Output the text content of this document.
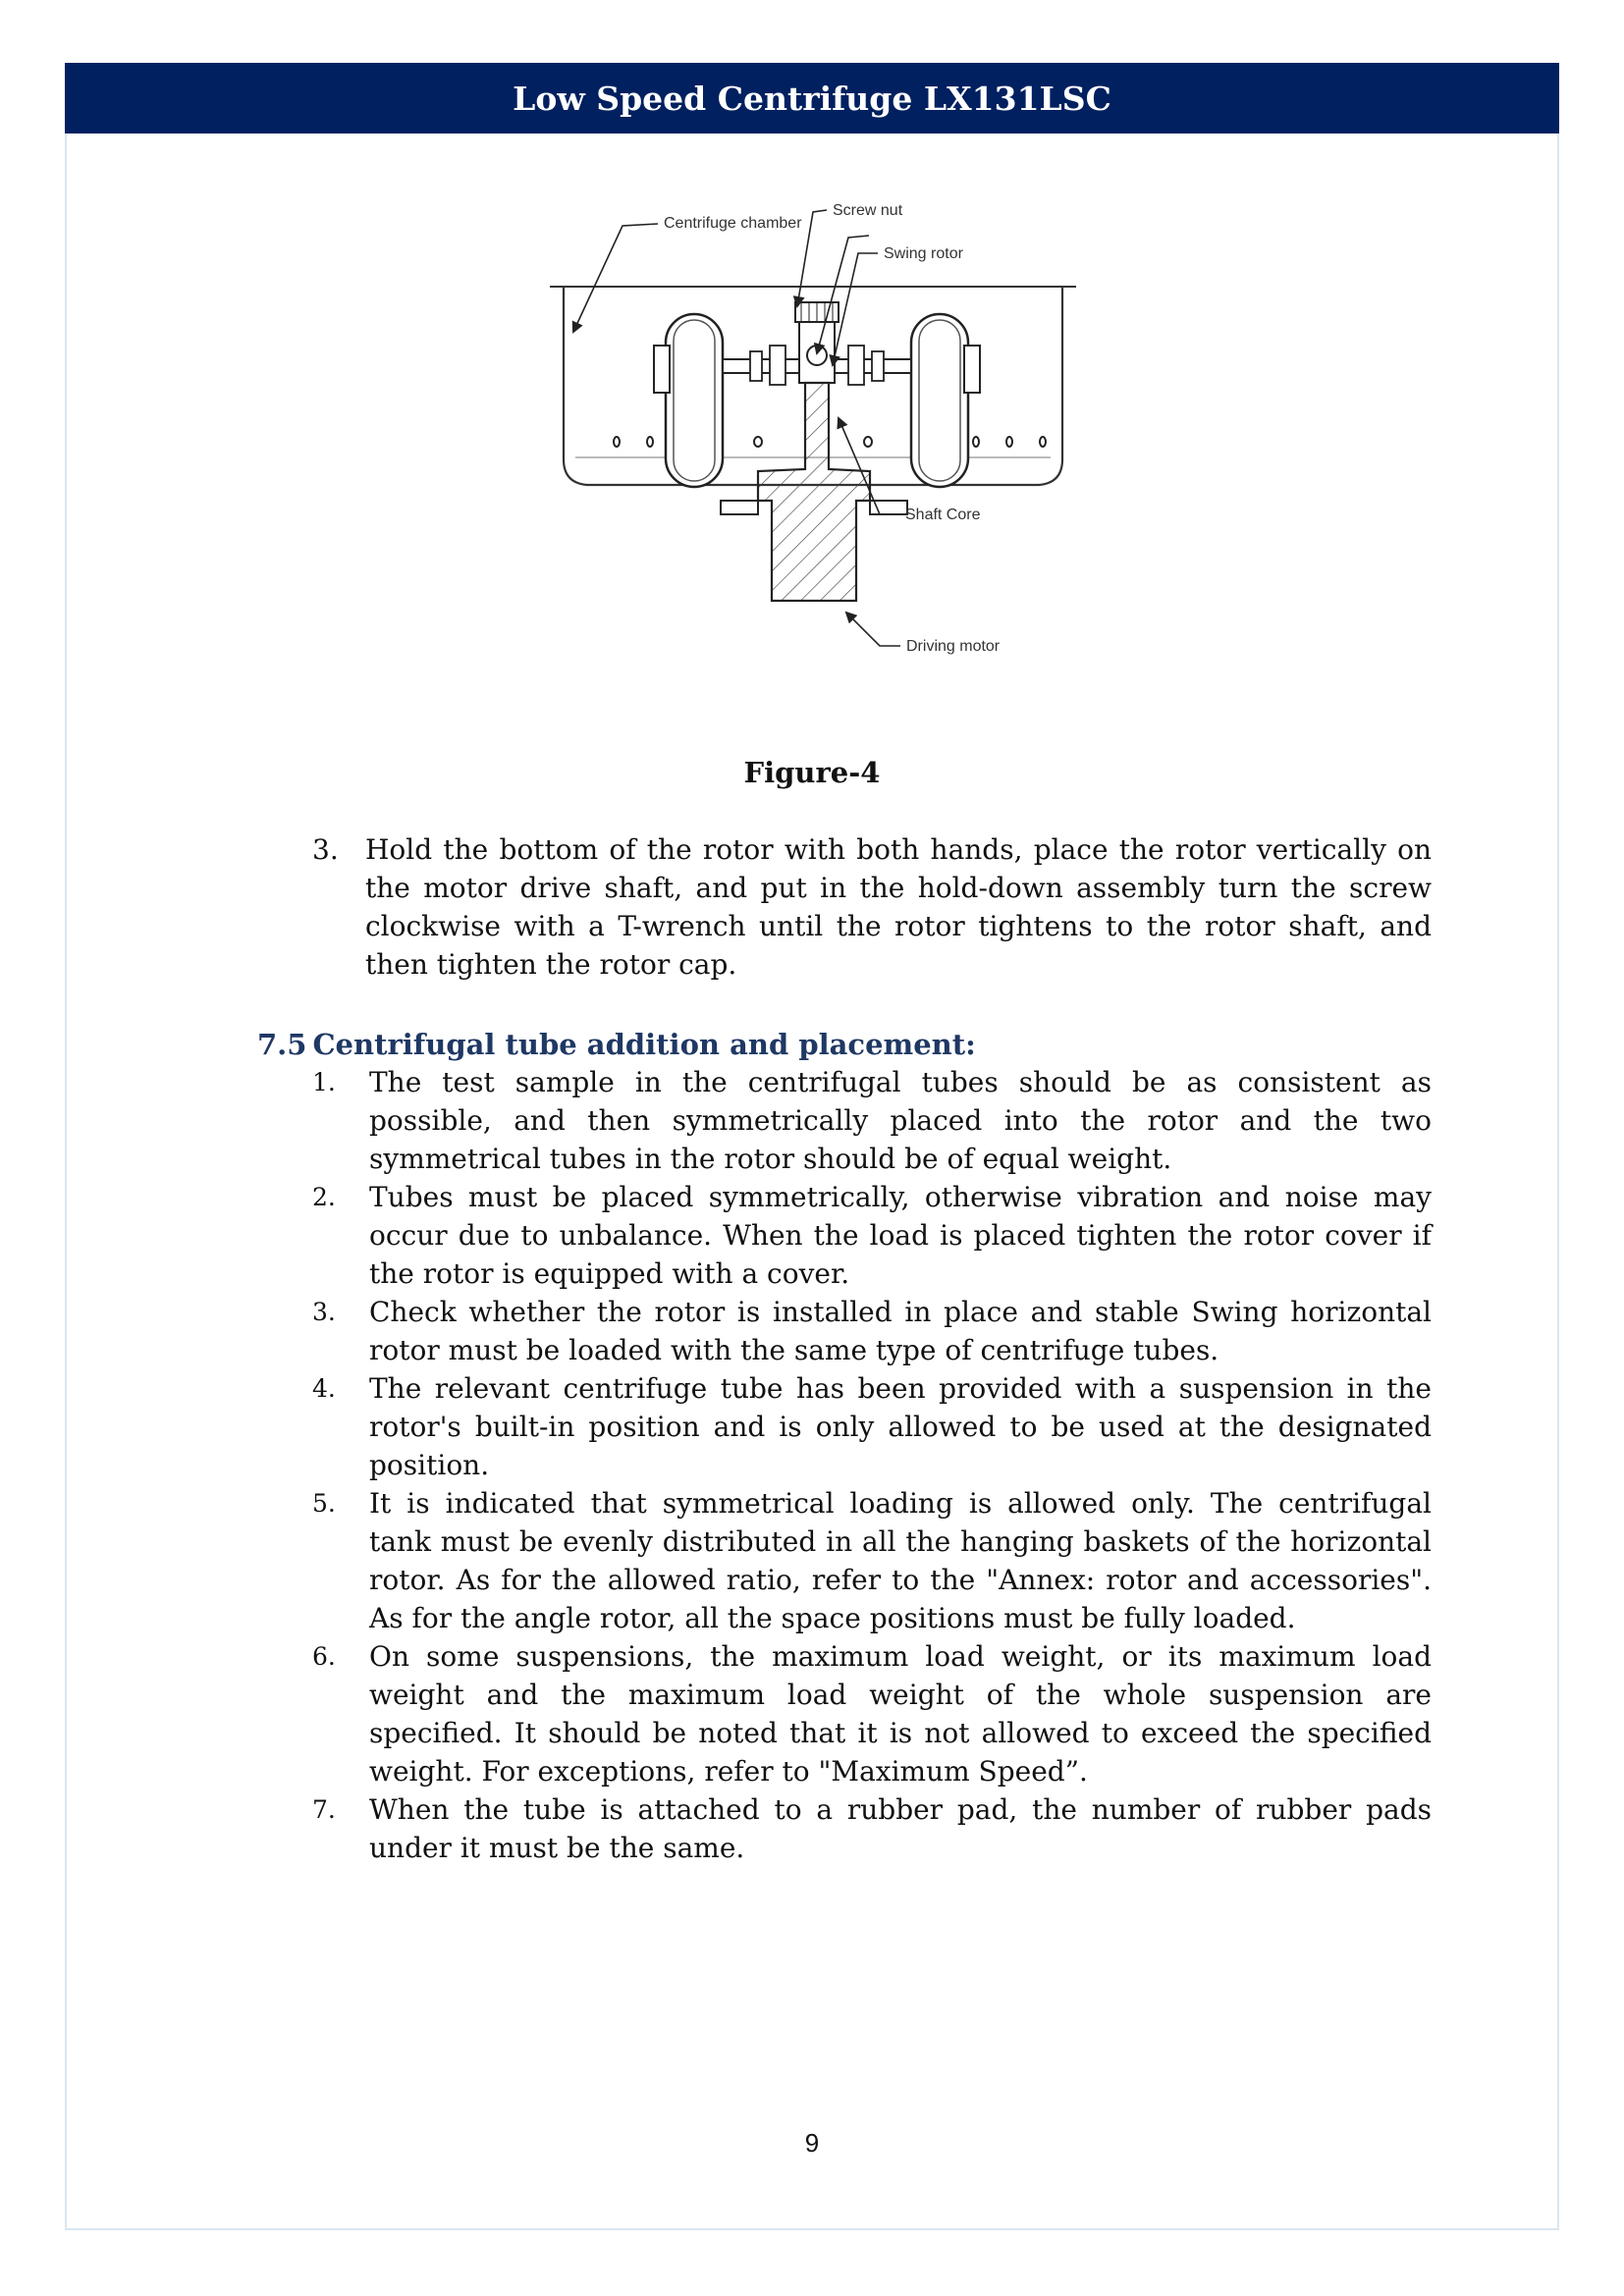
Low Speed Centrifuge LX131LSC
Centrifuge chamber
Screw nut
Swing rotor
Shaft Core
Driving motor
Figure-4
3. Hold the bottom of the rotor with both hands, place the rotor vertically on the motor drive shaft, and put in the hold-down assembly turn the screw clockwise with a T-wrench until the rotor tightens to the rotor shaft, and then tighten the rotor cap.
7.5 Centrifugal tube addition and placement:
1.	The test sample in the centrifugal tubes should be as consistent as possible, and then symmetrically placed into the rotor and the two symmetrical tubes in the rotor should be of equal weight.
2.	Tubes must be placed symmetrically, otherwise vibration and noise may occur due to unbalance. When the load is placed tighten the rotor cover if the rotor is equipped with a cover.
3.	Check whether the rotor is installed in place and stable Swing horizontal rotor must be loaded with the same type of centrifuge tubes.
4.	The relevant centrifuge tube has been provided with a suspension in the rotor's built-in position and is only allowed to be used at the designated position.
5.	It is indicated that symmetrical loading is allowed only. The centrifugal tank must be evenly distributed in all the hanging baskets of the horizontal rotor. As for the allowed ratio, refer to the "Annex: rotor and accessories". As for the angle rotor, all the space positions must be fully loaded.
6.	On some suspensions, the maximum load weight, or its maximum load weight and the maximum load weight of the whole suspension are specified. It should be noted that it is not allowed to exceed the specified weight. For exceptions, refer to "Maximum Speed”.
7.	When the tube is attached to a rubber pad, the number of rubber pads under it must be the same.
9
